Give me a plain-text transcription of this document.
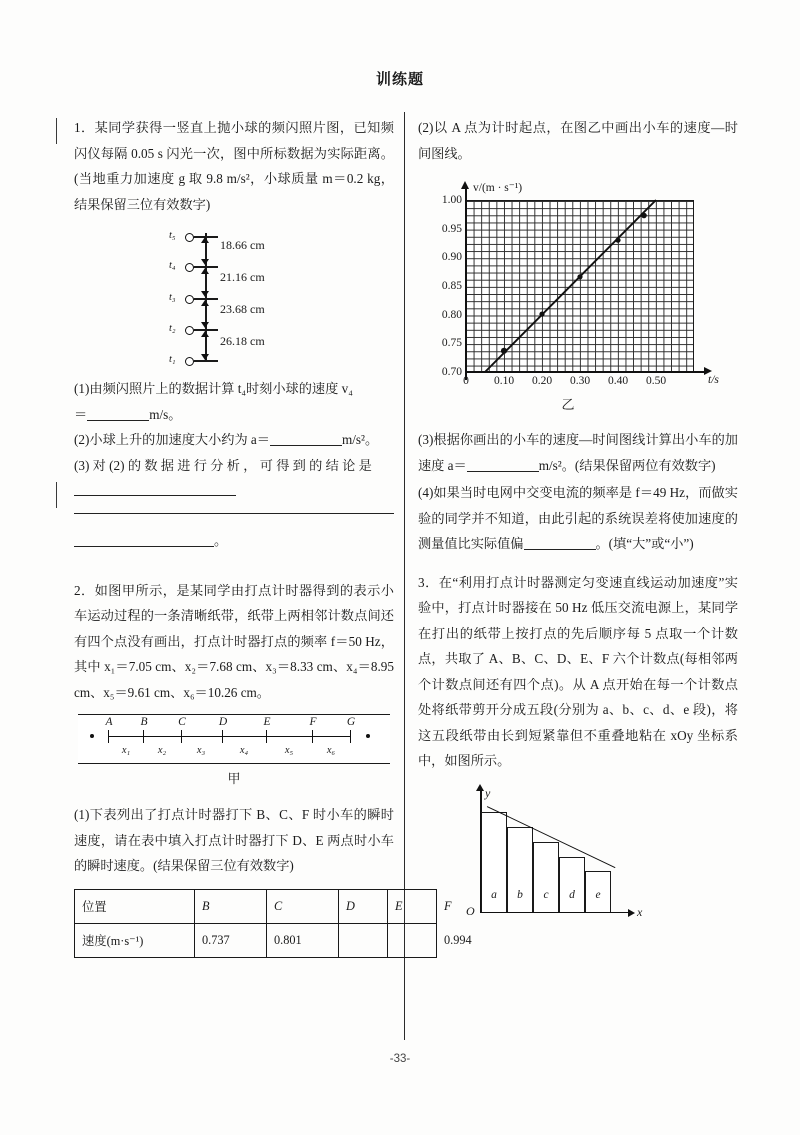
训练题

1．某同学获得一竖直上抛小球的频闪照片图，已知频闪仪每隔 0.05 s 闪光一次，图中所标数据为实际距离。(当地重力加速度 g 取 9.8 m/s²，小球质量 m＝0.2 kg，结果保留三位有效数字)

t₅
t₄
t₃
t₂
t₁
18.66 cm
21.16 cm
23.68 cm
26.18 cm

(1)由频闪照片上的数据计算 t₄时刻小球的速度 v₄

＝	m/s。

(2)小球上升的加速度大小约为 a＝	m/s²。

(3) 对 (2) 的 数 据 进 行 分 析 ， 可 得 到 的 结 论 是

。

2．如图甲所示，是某同学由打点计时器得到的表示小车运动过程的一条清晰纸带，纸带上两相邻计数点间还有四个点没有画出，打点计时器打点的频率 f＝50 Hz，其中 x₁＝7.05 cm、x₂＝7.68 cm、x₃＝8.33 cm、x₄＝8.95 cm、x₅＝9.61 cm、x₆＝10.26 cm。

A B	C	D	E	F	G
x₁	x₂	x₃	x₄	x₅	x₆
甲

(1)下表列出了打点计时器打下 B、C、F 时小车的瞬时速度，请在表中填入打点计时器打下 D、E 两点时小车的瞬时速度。(结果保留三位有效数字)

位置	B	C	D	E	F
速度(m·s⁻¹)	0.737	0.801			0.994

(2)以 A 点为计时起点，在图乙中画出小车的速度—时间图线。

v/(m · s⁻¹)
1.00
0.95
0.90
0.85
0.80
0.75
0.70
0 0.10 0.20 0.30 0.40 0.50	t/s
乙

(3)根据你画出的小车的速度—时间图线计算出小车的加速度 a＝	m/s²。(结果保留两位有效数字)

(4)如果当时电网中交变电流的频率是 f＝49 Hz，而做实验的同学并不知道，由此引起的系统误差将使加速度的测量值比实际值偏	。(填“大”或“小”)

3．在“利用打点计时器测定匀变速直线运动加速度”实验中，打点计时器接在 50 Hz 低压交流电源上，某同学在打出的纸带上按打点的先后顺序每 5 点取一个计数点，共取了 A、B、C、D、E、F 六个计数点(每相邻两个计数点间还有四个点)。从 A 点开始在每一个计数点处将纸带剪开分成五段(分别为 a、b、c、d、e 段)，将这五段纸带由长到短紧靠但不重叠地粘在 xOy 坐标系中，如图所示。

a b c d e
O
y
x
-33-
